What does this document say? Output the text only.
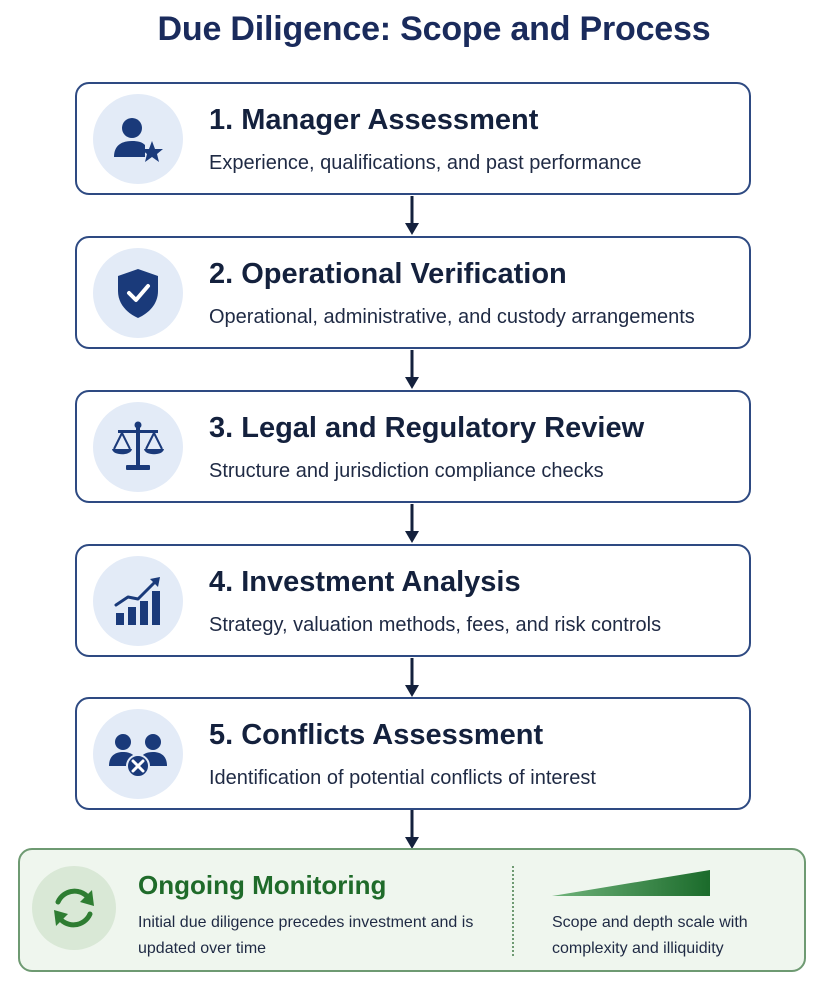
Due Diligence: Scope and Process
1. Manager Assessment
Experience, qualifications, and past performance
2. Operational Verification
Operational, administrative, and custody arrangements
3. Legal and Regulatory Review
Structure and jurisdiction compliance checks
4. Investment Analysis
Strategy, valuation methods, fees, and risk controls
5. Conflicts Assessment
Identification of potential conflicts of interest
Ongoing Monitoring
Initial due diligence precedes investment and is updated over time
Scope and depth scale with complexity and illiquidity
